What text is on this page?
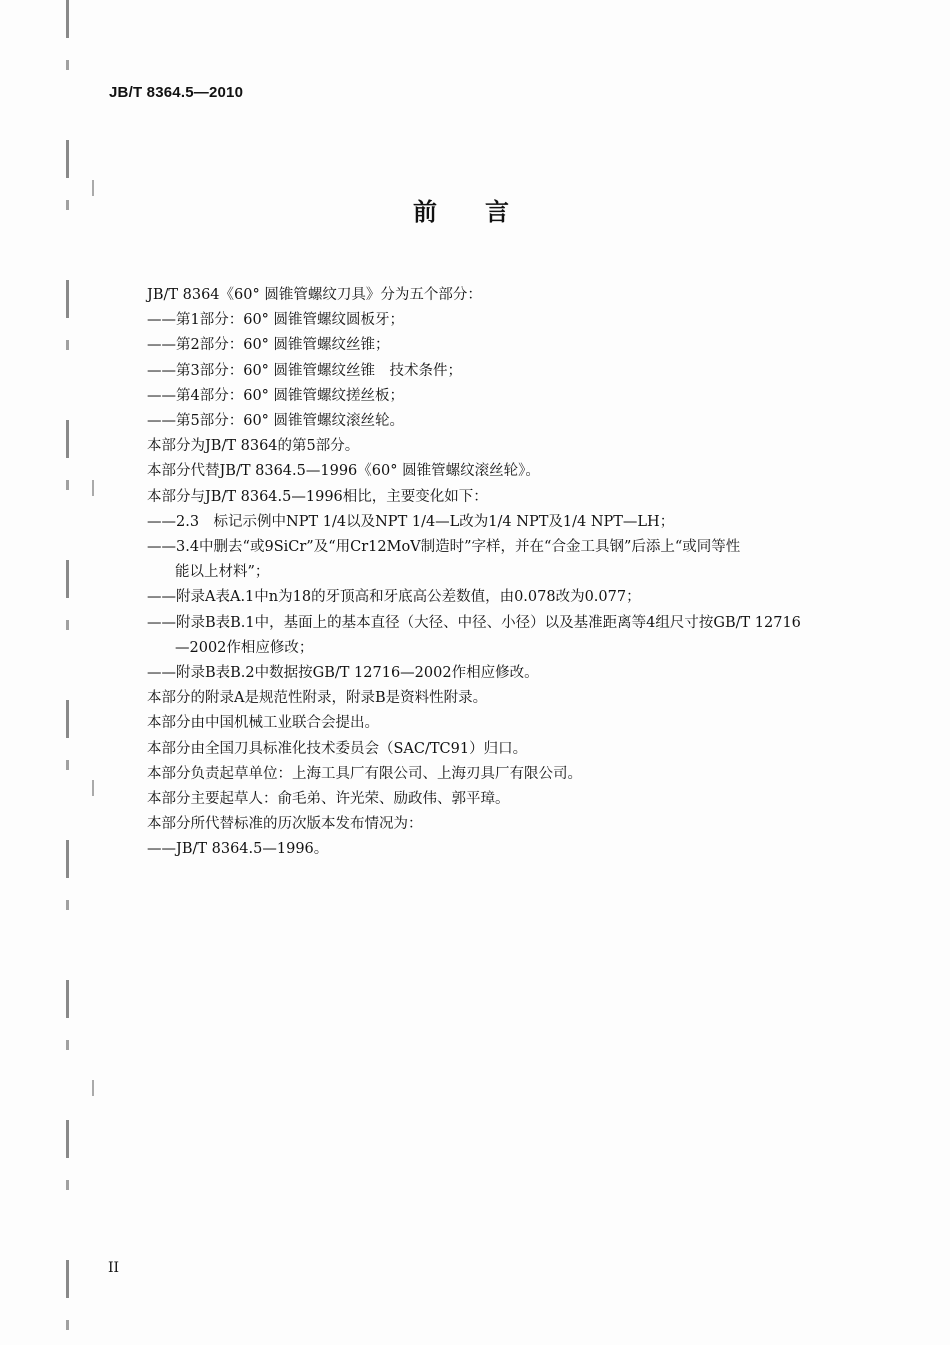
JB/T 8364.5—2010
前言

JB/T 8364《60° 圆锥管螺纹刀具》分为五个部分：

——第1部分：60° 圆锥管螺纹圆板牙；

——第2部分：60° 圆锥管螺纹丝锥；

——第3部分：60° 圆锥管螺纹丝锥　技术条件；

——第4部分：60° 圆锥管螺纹搓丝板；

——第5部分：60° 圆锥管螺纹滚丝轮。

本部分为JB/T 8364的第5部分。

本部分代替JB/T 8364.5—1996《60° 圆锥管螺纹滚丝轮》。

本部分与JB/T 8364.5—1996相比，主要变化如下：

——2.3　标记示例中NPT 1/4以及NPT 1/4—L改为1/4 NPT及1/4 NPT—LH；

——3.4中删去“或9SiCr”及“用Cr12MoV制造时”字样，并在“合金工具钢”后添上“或同等性

能以上材料”；

——附录A表A.1中n为18的牙顶高和牙底高公差数值，由0.078改为0.077；

——附录B表B.1中，基面上的基本直径（大径、中径、小径）以及基准距离等4组尺寸按GB/T 12716

—2002作相应修改；

——附录B表B.2中数据按GB/T 12716—2002作相应修改。

本部分的附录A是规范性附录，附录B是资料性附录。

本部分由中国机械工业联合会提出。

本部分由全国刀具标准化技术委员会（SAC/TC91）归口。

本部分负责起草单位：上海工具厂有限公司、上海刃具厂有限公司。

本部分主要起草人：俞毛弟、许光荣、励政伟、郭平璋。

本部分所代替标准的历次版本发布情况为：

——JB/T 8364.5—1996。

II
